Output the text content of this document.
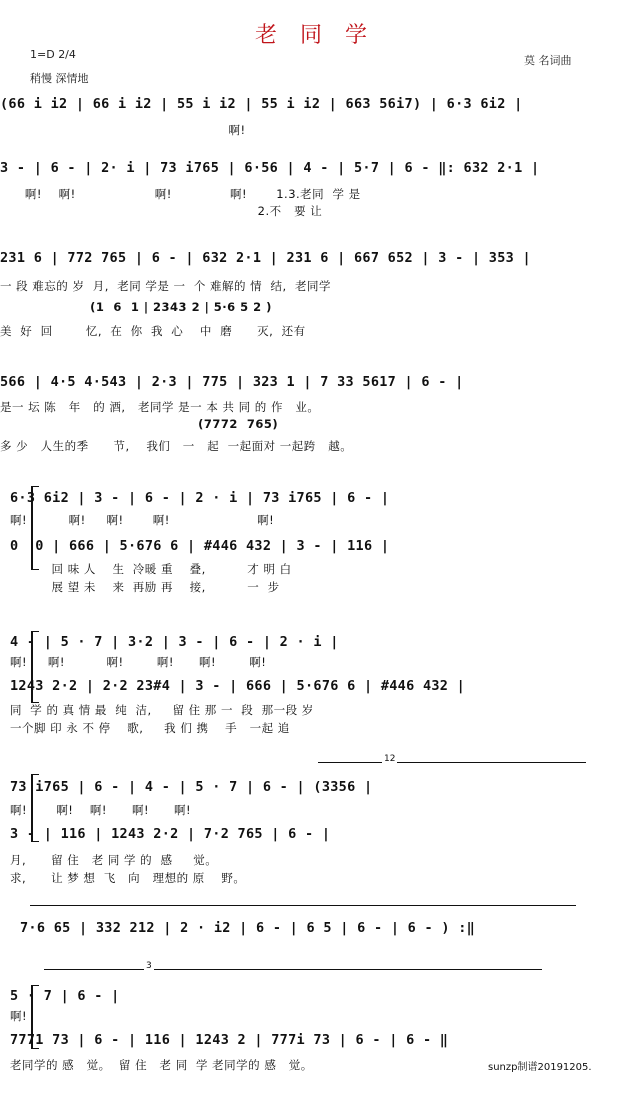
老 同 学
1=D 2/4
稍慢 深情地
莫 名词曲
(66 i i2 | 66 i i2 | 55 i i2 | 55 i i2 | 663 56i7) | 6·3 6i2 |
啊!
3 - | 6 - | 2· i | 73 i765 | 6·56 | 4 - | 5·7 | 6 - ‖: 632 2·1 |
啊!    啊!                   啊!              啊!       1.3.老同  学 是
2.不   要 让
231 6 | 772 765 | 6 - | 632 2·1 | 231 6 | 667 652 | 3 - | 353 |
一 段 难忘的 岁  月,  老同 学是 一  个 难解的 情  结,  老同学
(1  6  1 | 2343 2 | 5·6 5 2 )
美  好  回        忆,  在  你  我  心    中  磨      灭,  还有
566 | 4·5 4·543 | 2·3 | 775 | 323 1 | 7 33 5617 | 6 - |
是一 坛 陈   年   的 酒,   老同学 是一 本 共 同 的 作   业。
(7772  765)
多 少   人生的季      节,    我们   一   起  一起面对 一起跨   越。
6·3 6i2 | 3 - | 6 - | 2 · i | 73 i765 | 6 - |
啊!          啊!     啊!       啊!                     啊!
0  0 | 666 | 5·676 6 | #446 432 | 3 - | 116 |
回 味 人    生  冷暖 重    叠,          才 明 白
展 望 未    来  再励 再    接,          一  步
4 - | 5 · 7 | 3·2 | 3 - | 6 - | 2 · i |
啊!     啊!          啊!        啊!      啊!        啊!
1243 2·2 | 2·2 23#4 | 3 - | 666 | 5·676 6 | #446 432 |
同  学 的 真 情 最  纯  洁,     留 住 那 一  段  那一段 岁
一个脚 印 永 不 停    歌,     我 们 携    手   一起 追
12
73 i765 | 6 - | 4 - | 5 · 7 | 6 - | (3356 |
啊!       啊!    啊!      啊!      啊!
3 - | 116 | 1243 2·2 | 7·2 765 | 6 - |
月,      留 住   老 同 学 的  感     觉。
求,      让 梦 想  飞   向   理想的 原    野。
7·6 65 | 332 212 | 2 · i2 | 6 - | 6 5 | 6 - | 6 - ) :‖
3
5 · 7 | 6 - |
啊!
7771 73 | 6 - | 116 | 1243 2 | 777i 73 | 6 - | 6 - ‖
老同学的 感   觉。  留 住   老 同  学 老同学的 感   觉。	sunzp制谱20191205.
